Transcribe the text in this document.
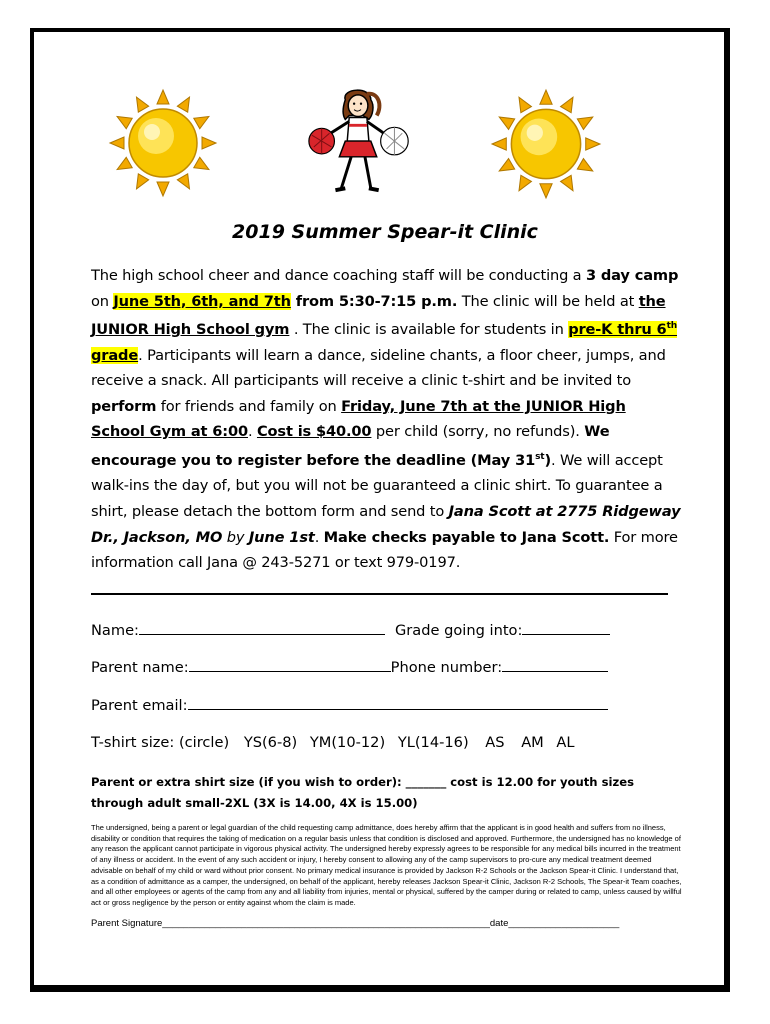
2019 Summer Spear-it Clinic

The high school cheer and dance coaching staff will be conducting a 3 day camp on June 5th, 6th, and 7th from 5:30-7:15 p.m. The clinic will be held at the JUNIOR High School gym . The clinic is available for students in pre-K thru 6th grade. Participants will learn a dance, sideline chants, a floor cheer, jumps, and receive a snack. All participants will receive a clinic t-shirt and be invited to perform for friends and family on Friday, June 7th at the JUNIOR High School Gym at 6:00. Cost is $40.00 per child (sorry, no refunds). We encourage you to register before the deadline (May 31st). We will accept walk-ins the day of, but you will not be guaranteed a clinic shirt. To guarantee a shirt, please detach the bottom form and send to Jana Scott at 2775 Ridgeway Dr., Jackson, MO by June 1st. Make checks payable to Jana Scott. For more information call Jana @ 243-5271 or text 979-0197.

Name:	Grade going into:
Parent name:	Phone number:
Parent email:
T-shirt size: (circle) YS(6-8) YM(10-12) YL(14-16) AS AM AL
Parent or extra shirt size (if you wish to order): _______ cost is 12.00 for youth sizes through adult small-2XL (3X is 14.00, 4X is 15.00)
The undersigned, being a parent or legal guardian of the child requesting camp admittance, does hereby affirm that the applicant is in good health and suffers from no illness, disability or condition that requires the taking of medication on a regular basis unless that condition is disclosed and approved. Furthermore, the undersigned has no knowledge of any reason the applicant cannot participate in vigorous physical activity. The undersigned hereby expressly agrees to be responsible for any medical bills incurred in the treatment of any illness or accident. In the event of any such accident or injury, I hereby consent to allowing any of the camp supervisors to pro-cure any medical treatment deemed advisable on behalf of my child or ward without prior consent. No primary medical insurance is provided by Jackson R-2 Schools or the Jackson Spear-it Clinic. I understand that, as a condition of admittance as a camper, the undersigned, on behalf of the applicant, hereby releases Jackson Spear-it Clinic, Jackson R-2 Schools, The Spear-it Team coaches, and all other employees or agents of the camp from any and all liability from injuries, mental or physical, suffered by the camper during or related to camp, unless caused by willful act or gross negligence by the person or entity against whom the claim is made.
Parent Signature______________________________________________________________date_____________________
